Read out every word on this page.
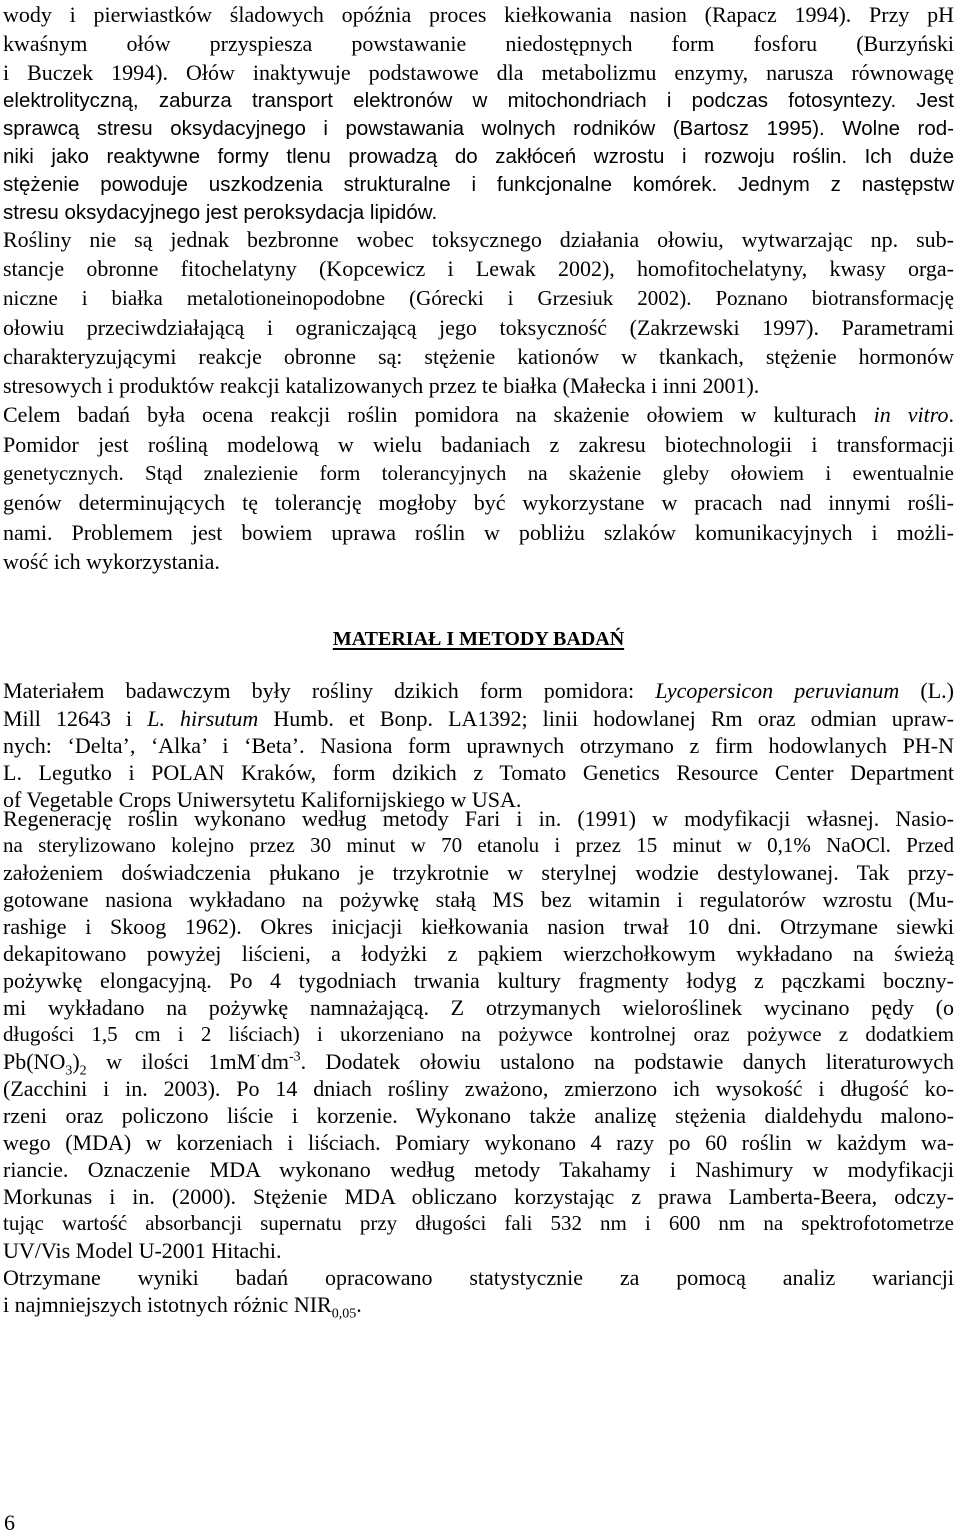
wody i pierwiastków śladowych opóźnia proces kiełkowania nasion (Rapacz 1994). Przy pH
kwaśnym ołów przyspiesza powstawanie niedostępnych form fosforu (Burzyński
i Buczek 1994). Ołów inaktywuje podstawowe dla metabolizmu enzymy, narusza równowagę
elektrolityczną, zaburza transport elektronów w mitochondriach i podczas fotosyntezy. Jest
sprawcą stresu oksydacyjnego i powstawania wolnych rodników (Bartosz 1995). Wolne rod-
niki jako reaktywne formy tlenu prowadzą do zakłóceń wzrostu i rozwoju roślin. Ich duże
stężenie powoduje uszkodzenia strukturalne i funkcjonalne komórek. Jednym z następstw
stresu oksydacyjnego jest peroksydacja lipidów.
Rośliny nie są jednak bezbronne wobec toksycznego działania ołowiu, wytwarzając np. sub-
stancje obronne fitochelatyny (Kopcewicz i Lewak 2002), homofitochelatyny, kwasy orga-
niczne i białka metalotioneinopodobne (Górecki i Grzesiuk 2002). Poznano biotransformację
ołowiu przeciwdziałającą i ograniczającą jego toksyczność (Zakrzewski 1997). Parametrami
charakteryzującymi reakcje obronne są: stężenie kationów w tkankach, stężenie hormonów
stresowych i produktów reakcji katalizowanych przez te białka (Małecka i inni 2001).
Celem badań była ocena reakcji roślin pomidora na skażenie ołowiem w kulturach in vitro.
Pomidor jest rośliną modelową w wielu badaniach z zakresu biotechnologii i transformacji
genetycznych. Stąd znalezienie form tolerancyjnych na skażenie gleby ołowiem i ewentualnie
genów determinujących tę tolerancję mogłoby być wykorzystane w pracach nad innymi rośli-
nami. Problemem jest bowiem uprawa roślin w pobliżu szlaków komunikacyjnych i możli-
wość ich wykorzystania.
MATERIAŁ I METODY BADAŃ
Materiałem badawczym były rośliny dzikich form pomidora: Lycopersicon peruvianum (L.)
Mill 12643 i L. hirsutum Humb. et Bonp. LA1392; linii hodowlanej Rm oraz odmian upraw-
nych: ‘Delta’, ‘Alka’ i ‘Beta’. Nasiona form uprawnych otrzymano z firm hodowlanych PH-N
L. Legutko i POLAN Kraków, form dzikich z Tomato Genetics Resource Center Department
of Vegetable Crops Uniwersytetu Kalifornijskiego w USA.
Regenerację roślin wykonano według metody Fari i in. (1991) w modyfikacji własnej. Nasio-
na sterylizowano kolejno przez 30 minut w 70 etanolu i przez 15 minut w 0,1% NaOCl. Przed
założeniem doświadczenia płukano je trzykrotnie w sterylnej wodzie destylowanej. Tak przy-
gotowane nasiona wykładano na pożywkę stałą MS bez witamin i regulatorów wzrostu (Mu-
rashige i Skoog 1962). Okres inicjacji kiełkowania nasion trwał 10 dni. Otrzymane siewki
dekapitowano powyżej liścieni, a łodyżki z pąkiem wierzchołkowym wykładano na świeżą
pożywkę elongacyjną. Po 4 tygodniach trwania kultury fragmenty łodyg z pączkami boczny-
mi wykładano na pożywkę namnażającą. Z otrzymanych wieloroślinek wycinano pędy (o
długości 1,5 cm i 2 liściach) i ukorzeniano na pożywce kontrolnej oraz pożywce z dodatkiem
$Pb(NO_3)_2$ w ilości $1mM^\cdot dm^{-3}$. Dodatek ołowiu ustalono na podstawie danych literaturowych
(Zacchini i in. 2003). Po 14 dniach rośliny zważono, zmierzono ich wysokość i długość ko-
rzeni oraz policzono liście i korzenie. Wykonano także analizę stężenia dialdehydu malono-
wego (MDA) w korzeniach i liściach. Pomiary wykonano 4 razy po 60 roślin w każdym wa-
riancie. Oznaczenie MDA wykonano według metody Takahamy i Nashimury w modyfikacji
Morkunas i in. (2000). Stężenie MDA obliczano korzystając z prawa Lamberta-Beera, odczy-
tując wartość absorbancji supernatu przy długości fali 532 nm i 600 nm na spektrofotometrze
UV/Vis Model U-2001 Hitachi.
Otrzymane wyniki badań opracowano statystycznie za pomocą analiz wariancji
i najmniejszych istotnych różnic $NIR_{0,05}$.
6
